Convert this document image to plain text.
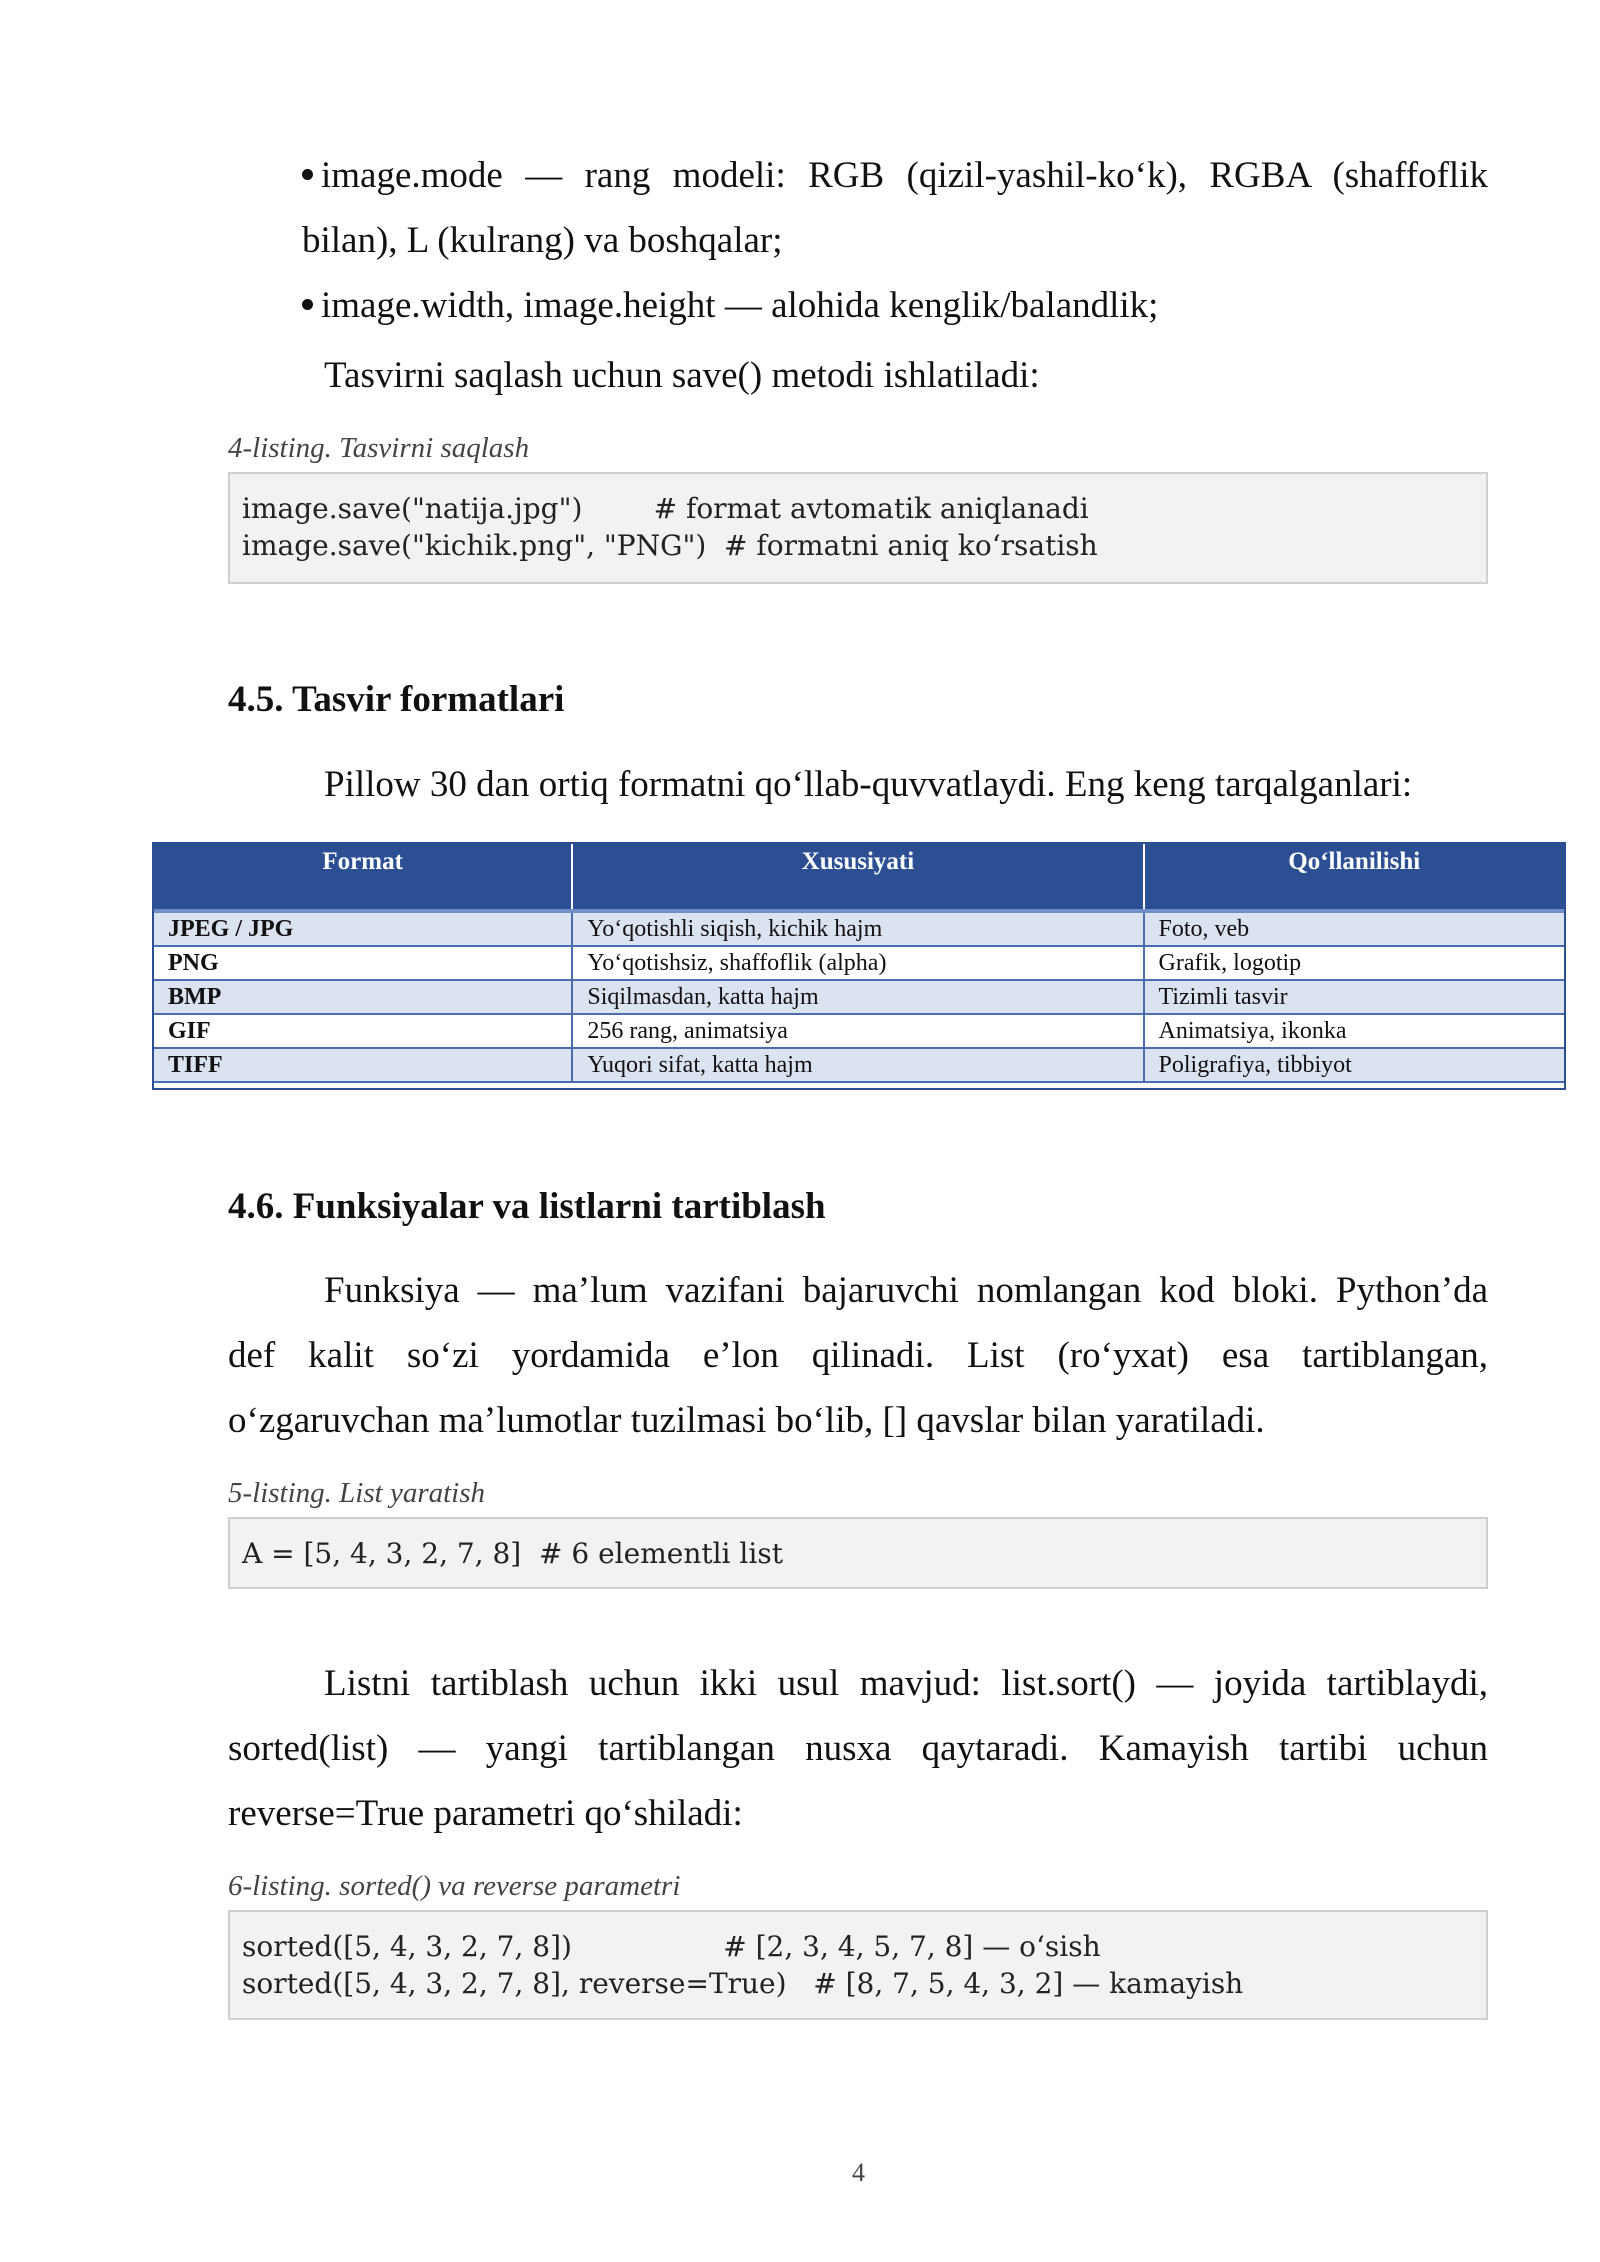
image.mode — rang modeli: RGB (qizil-yashil-ko‘k), RGBA (shaffoflik
bilan), L (kulrang) va boshqalar;
image.width, image.height — alohida kenglik/balandlik;
Tasvirni saqlash uchun save() metodi ishlatiladi:
4-listing. Tasvirni saqlash
image.save("natija.jpg")        # format avtomatik aniqlanadi
image.save("kichik.png", "PNG")  # formatni aniq ko‘rsatish
4.5. Tasvir formatlari
Pillow 30 dan ortiq formatni qo‘llab-quvvatlaydi. Eng keng tarqalganlari:
Format	Xususiyati	Qo‘llanilishi
JPEG / JPG	Yo‘qotishli siqish, kichik hajm	Foto, veb
PNG	Yo‘qotishsiz, shaffoflik (alpha)	Grafik, logotip
BMP	Siqilmasdan, katta hajm	Tizimli tasvir
GIF	256 rang, animatsiya	Animatsiya, ikonka
TIFF	Yuqori sifat, katta hajm	Poligrafiya, tibbiyot
4.6. Funksiyalar va listlarni tartiblash
Funksiya — ma’lum vazifani bajaruvchi nomlangan kod bloki. Python’da
def kalit so‘zi yordamida e’lon qilinadi. List (ro‘yxat) esa tartiblangan,
o‘zgaruvchan ma’lumotlar tuzilmasi bo‘lib, [] qavslar bilan yaratiladi.
5-listing. List yaratish
A = [5, 4, 3, 2, 7, 8]  # 6 elementli list
Listni tartiblash uchun ikki usul mavjud: list.sort() — joyida tartiblaydi,
sorted(list) — yangi tartiblangan nusxa qaytaradi. Kamayish tartibi uchun
reverse=True parametri qo‘shiladi:
6-listing. sorted() va reverse parametri
sorted([5, 4, 3, 2, 7, 8])                 # [2, 3, 4, 5, 7, 8] — o‘sish
sorted([5, 4, 3, 2, 7, 8], reverse=True)   # [8, 7, 5, 4, 3, 2] — kamayish
4
